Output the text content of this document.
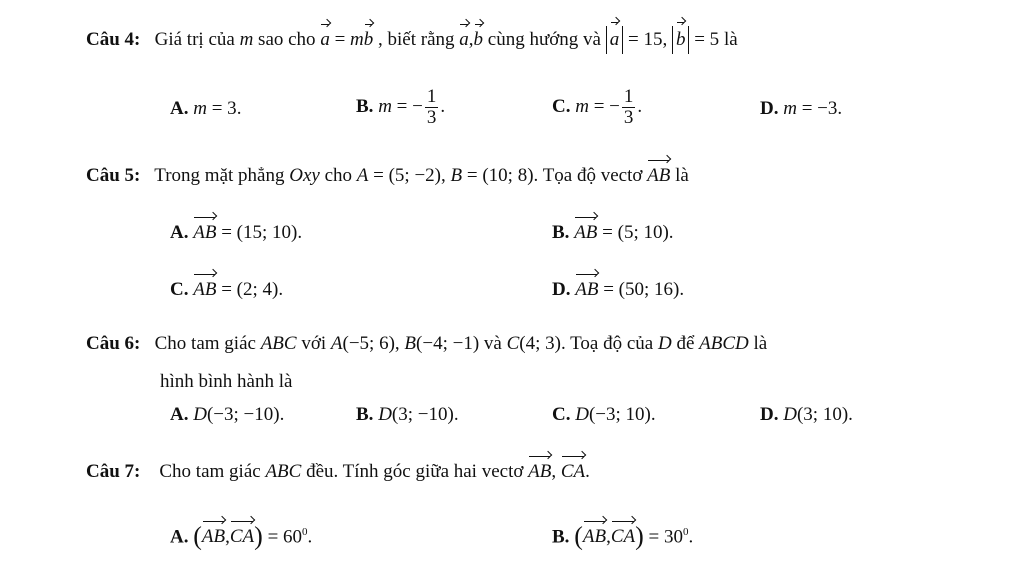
Câu 4: Giá trị của m sao cho a = mb , biết rằng a,b cùng hướng và a = 15, b = 5 là
A. m = 3.	B. m = − $\frac{1}{3}$ .	C. m = − $\frac{1}{3}$ .	D. m = −3.
Câu 5: Trong mặt phẳng Oxy cho A = (5; −2), B = (10; 8). Tọa độ vectơ AB là
A. AB = (15; 10).	B. AB = (5; 10).
C. AB = (2; 4).	D. AB = (50; 16).
Câu 6: Cho tam giác ABC với A(−5; 6), B(−4; −1) và C(4; 3). Toạ độ của D để ABCD là
hình bình hành là
A. D(−3; −10).	B. D(3; −10).	C. D(−3; 10).	D. D(3; 10).
Câu 7: Cho tam giác ABC đều. Tính góc giữa hai vectơ AB, CA.
A. $(AB,CA) = 60^0$.	B. $(AB,CA) = 30^0$.
